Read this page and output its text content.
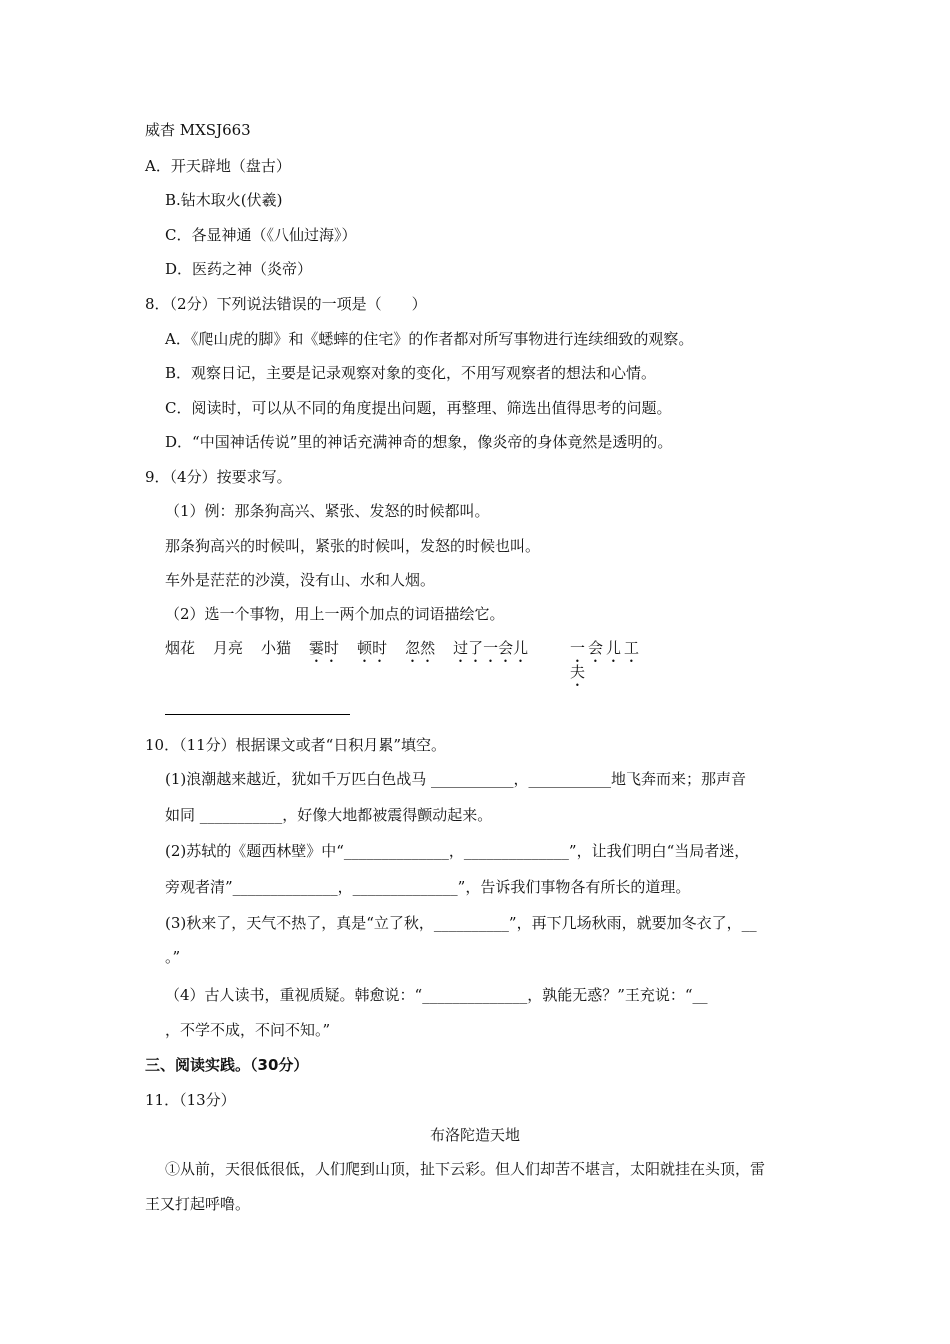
威杳 MXSJ663
A．开天辟地（盘古）
B.钻木取火(伏羲)
C．各显神通（《八仙过海》）
D．医药之神（炎帝）
8．（2分）下列说法错误的一项是（　　）
A．《爬山虎的脚》和《蟋蟀的住宅》的作者都对所写事物进行连续细致的观察。
B．观察日记，主要是记录观察对象的变化，不用写观察者的想法和心情。
C．阅读时，可以从不同的角度提出问题，再整理、筛选出值得思考的问题。
D．“中国神话传说”里的神话充满神奇的想象，像炎帝的身体竟然是透明的。
9．（4分）按要求写。
（1）例：那条狗高兴、紧张、发怒的时候都叫。
那条狗高兴的时候叫，紧张的时候叫，发怒的时候也叫。
车外是茫茫的沙漠，没有山、水和人烟。
（2）选一个事物，用上一两个加点的词语描绘它。
烟花 月亮 小猫 霎时 顿时 忽然 过了一会儿	一会儿工
夫
10．（11分）根据课文或者“日积月累”填空。
(1)浪潮越来越近，犹如千万匹白色战马 ___________，___________地飞奔而来；那声音
如同 ___________，好像大地都被震得颤动起来。
(2)苏轼的《题西林壁》中“______________，______________”，让我们明白“当局者迷，
旁观者清”______________，______________”，告诉我们事物各有所长的道理。
(3)秋来了，天气不热了，真是“立了秋，__________”，再下几场秋雨，就要加冬衣了，__
。”
（4）古人读书，重视质疑。韩愈说：“______________，孰能无惑？”王充说：“__
，不学不成，不问不知。”
三、阅读实践。（30分）
11．（13分）
布洛陀造天地
①从前，天很低很低，人们爬到山顶，扯下云彩。但人们却苦不堪言，太阳就挂在头顶，雷
王又打起呼噜。
